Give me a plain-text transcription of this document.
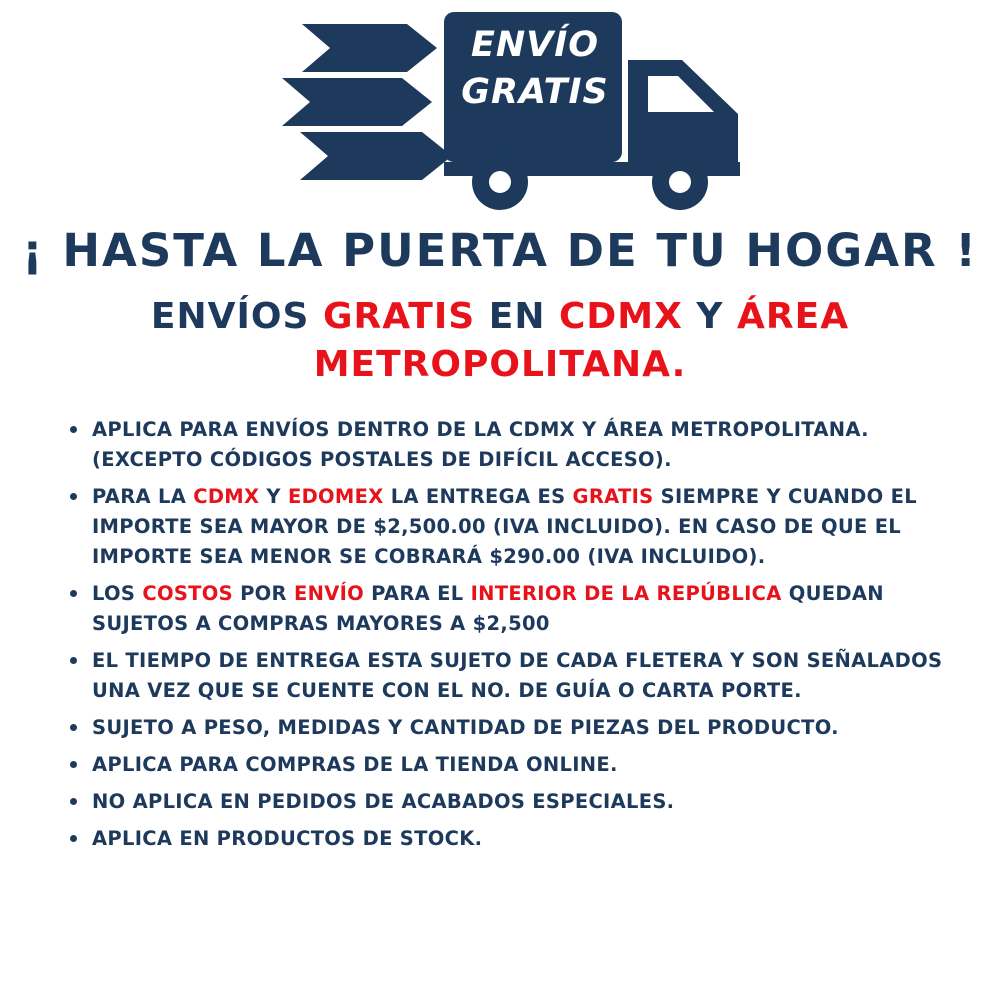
ENVÍO
GRATIS
¡ HASTA LA PUERTA DE TU HOGAR !
ENVÍOS GRATIS EN CDMX Y ÁREA METROPOLITANA.
APLICA PARA ENVÍOS DENTRO DE LA CDMX Y ÁREA METROPOLITANA. (EXCEPTO CÓDIGOS POSTALES DE DIFÍCIL ACCESO).
PARA LA CDMX Y EDOMEX LA ENTREGA ES GRATIS SIEMPRE Y CUANDO EL IMPORTE SEA MAYOR DE $2,500.00 (IVA INCLUIDO). EN CASO DE QUE EL IMPORTE SEA MENOR SE COBRARÁ $290.00 (IVA INCLUIDO).
LOS COSTOS POR ENVÍO PARA EL INTERIOR DE LA REPÚBLICA QUEDAN SUJETOS A COMPRAS MAYORES A $2,500
EL TIEMPO DE ENTREGA ESTA SUJETO DE CADA FLETERA Y SON SEÑALADOS UNA VEZ QUE SE CUENTE CON EL NO. DE GUÍA O CARTA PORTE.
SUJETO A PESO, MEDIDAS Y CANTIDAD DE PIEZAS DEL PRODUCTO.
APLICA PARA COMPRAS DE LA TIENDA ONLINE.
NO APLICA EN PEDIDOS DE ACABADOS ESPECIALES.
APLICA EN PRODUCTOS DE STOCK.
